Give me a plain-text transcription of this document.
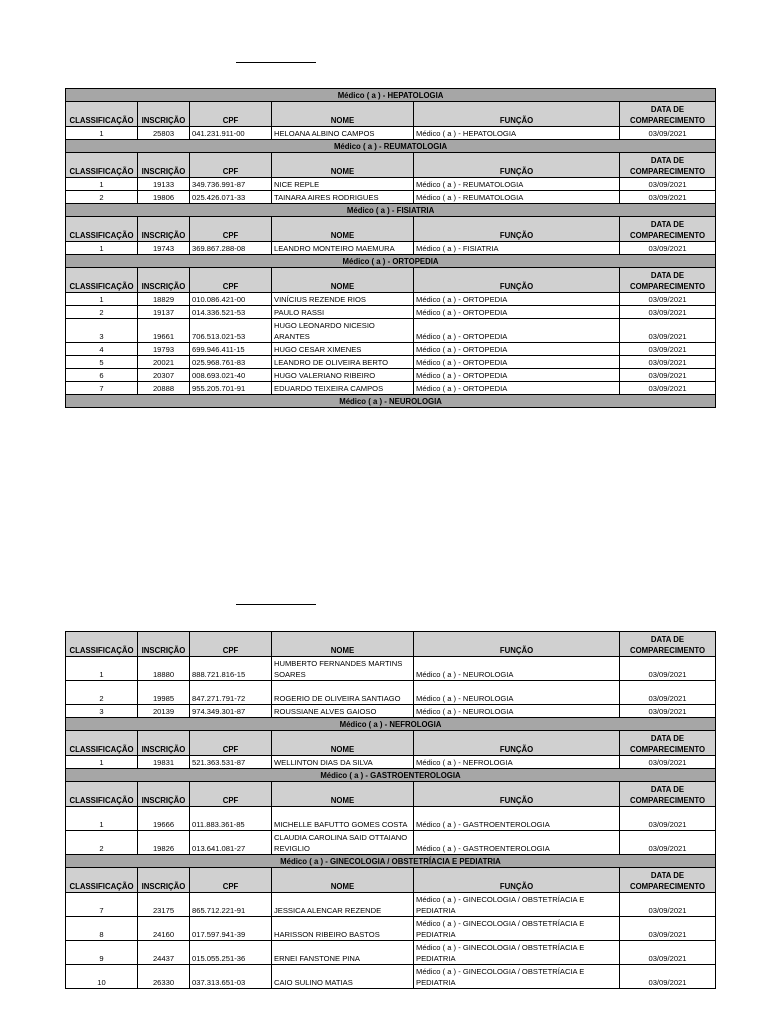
Médico ( a ) - HEPATOLOGIA					
CLASSIFICAÇÃO	INSCRIÇÃO	CPF	NOME	FUNÇÃO	DATA DE COMPARECIMENTO
1	25803	041.231.911-00	HELOANA ALBINO CAMPOS	Médico ( a ) - HEPATOLOGIA	03/09/2021
Médico ( a ) - REUMATOLOGIA					
CLASSIFICAÇÃO	INSCRIÇÃO	CPF	NOME	FUNÇÃO	DATA DE COMPARECIMENTO
1	19133	349.736.991-87	NICE REPLE	Médico ( a ) - REUMATOLOGIA	03/09/2021
2	19806	025.426.071-33	TAINARA AIRES RODRIGUES	Médico ( a ) - REUMATOLOGIA	03/09/2021
Médico ( a ) - FISIATRIA					
CLASSIFICAÇÃO	INSCRIÇÃO	CPF	NOME	FUNÇÃO	DATA DE COMPARECIMENTO
1	19743	369.867.288-08	LEANDRO MONTEIRO MAEMURA	Médico ( a ) - FISIATRIA	03/09/2021
Médico ( a ) - ORTOPEDIA					
CLASSIFICAÇÃO	INSCRIÇÃO	CPF	NOME	FUNÇÃO	DATA DE COMPARECIMENTO
1	18829	010.086.421-00	VINÍCIUS REZENDE RIOS	Médico ( a ) - ORTOPEDIA	03/09/2021
2	19137	014.336.521-53	PAULO RASSI	Médico ( a ) - ORTOPEDIA	03/09/2021
3	19661	706.513.021-53	HUGO LEONARDO NICESIO ARANTES	Médico ( a ) - ORTOPEDIA	03/09/2021
4	19793	699.946.411-15	HUGO CESAR XIMENES	Médico ( a ) - ORTOPEDIA	03/09/2021
5	20021	025.968.761-83	LEANDRO DE OLIVEIRA BERTO	Médico ( a ) - ORTOPEDIA	03/09/2021
6	20307	008.693.021-40	HUGO VALERIANO RIBEIRO	Médico ( a ) - ORTOPEDIA	03/09/2021
7	20888	955.205.701-91	EDUARDO TEIXEIRA CAMPOS	Médico ( a ) - ORTOPEDIA	03/09/2021
Médico ( a ) - NEUROLOGIA					
CLASSIFICAÇÃO	INSCRIÇÃO	CPF	NOME	FUNÇÃO	DATA DE COMPARECIMENTO
1	18880	888.721.816-15	HUMBERTO FERNANDES MARTINS SOARES	Médico ( a ) - NEUROLOGIA	03/09/2021
2	19985	847.271.791-72	ROGERIO DE OLIVEIRA SANTIAGO	Médico ( a ) - NEUROLOGIA	03/09/2021
3	20139	974.349.301-87	ROUSSIANE ALVES GAIOSO	Médico ( a ) - NEUROLOGIA	03/09/2021
Médico ( a ) - NEFROLOGIA					
CLASSIFICAÇÃO	INSCRIÇÃO	CPF	NOME	FUNÇÃO	DATA DE COMPARECIMENTO
1	19831	521.363.531-87	WELLINTON DIAS DA SILVA	Médico ( a ) - NEFROLOGIA	03/09/2021
Médico ( a ) - GASTROENTEROLOGIA					
CLASSIFICAÇÃO	INSCRIÇÃO	CPF	NOME	FUNÇÃO	DATA DE COMPARECIMENTO
1	19666	011.883.361-85	MICHELLE BAFUTTO GOMES COSTA	Médico ( a ) - GASTROENTEROLOGIA	03/09/2021
2	19826	013.641.081-27	CLAUDIA CAROLINA SAID OTTAIANO REVIGLIO	Médico ( a ) - GASTROENTEROLOGIA	03/09/2021
Médico ( a ) - GINECOLOGIA / OBSTETRÍACIA E PEDIATRIA					
CLASSIFICAÇÃO	INSCRIÇÃO	CPF	NOME	FUNÇÃO	DATA DE COMPARECIMENTO
7	23175	865.712.221-91	JESSICA ALENCAR REZENDE	Médico ( a ) - GINECOLOGIA / OBSTETRÍACIA E PEDIATRIA	03/09/2021
8	24160	017.597.941-39	HARISSON RIBEIRO BASTOS	Médico ( a ) - GINECOLOGIA / OBSTETRÍACIA E PEDIATRIA	03/09/2021
9	24437	015.055.251-36	ERNEI FANSTONE PINA	Médico ( a ) - GINECOLOGIA / OBSTETRÍACIA E PEDIATRIA	03/09/2021
10	26330	037.313.651-03	CAIO SULINO MATIAS	Médico ( a ) - GINECOLOGIA / OBSTETRÍACIA E PEDIATRIA	03/09/2021
